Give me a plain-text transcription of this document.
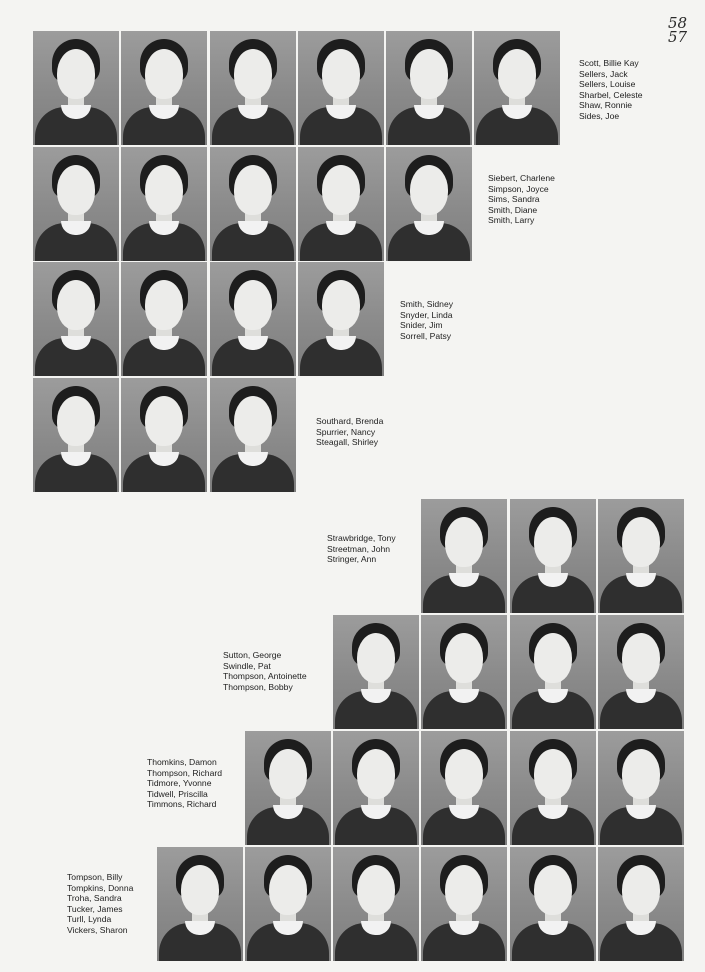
58
57
Scott, Billie Kay
Sellers, Jack
Sellers, Louise
Sharbel, Celeste
Shaw, Ronnie
Sides, Joe
Siebert, Charlene
Simpson, Joyce
Sims, Sandra
Smith, Diane
Smith, Larry
Smith, Sidney
Snyder, Linda
Snider, Jim
Sorrell, Patsy
Southard, Brenda
Spurrier, Nancy
Steagall, Shirley
Strawbridge, Tony
Streetman, John
Stringer, Ann
Sutton, George
Swindle, Pat
Thompson, Antoinette
Thompson, Bobby
Thomkins, Damon
Thompson, Richard
Tidmore, Yvonne
Tidwell, Priscilla
Timmons, Richard
Tompson, Billy
Tompkins, Donna
Troha, Sandra
Tucker, James
Turll, Lynda
Vickers, Sharon
